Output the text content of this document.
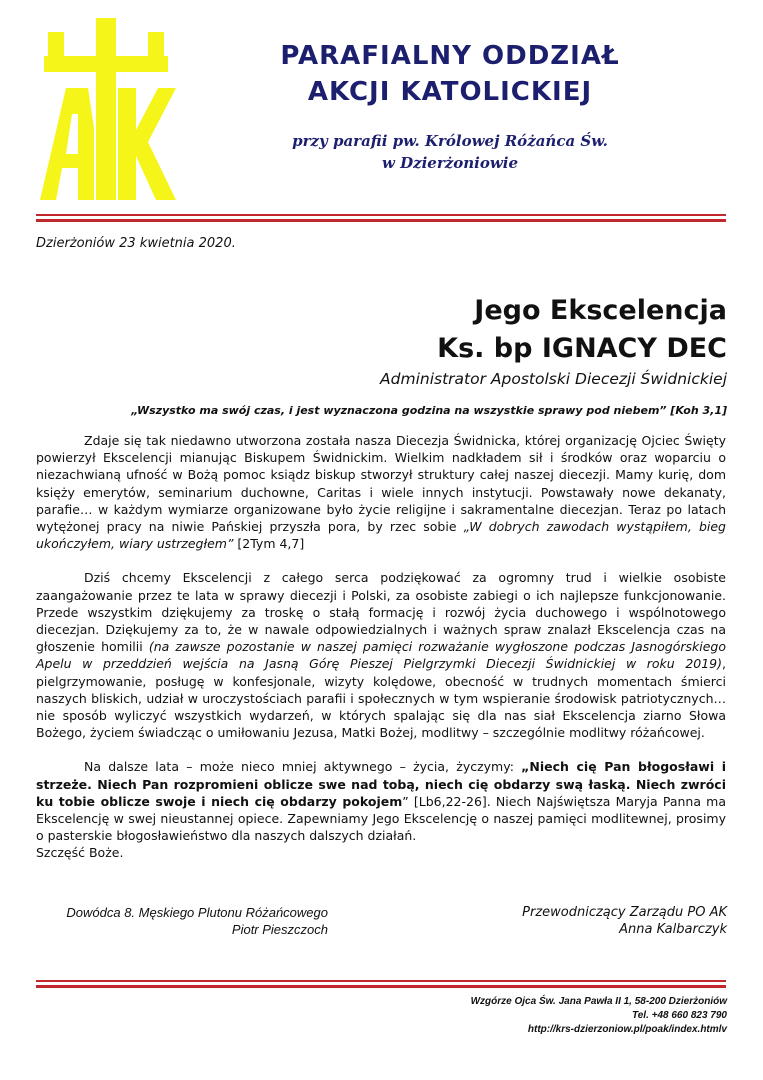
PARAFIALNY ODDZIAŁ
AKCJI KATOLICKIEJ
przy parafii pw. Królowej Różańca Św.
w Dzierżoniowie
Dzierżoniów 23 kwietnia 2020.
Jego Ekscelencja
Ks. bp IGNACY DEC
Administrator Apostolski Diecezji Świdnickiej
„Wszystko ma swój czas, i jest wyznaczona godzina na wszystkie sprawy pod niebem” [Koh 3,1]

Zdaje się tak niedawno utworzona została nasza Diecezja Świdnicka, której organizację Ojciec Święty powierzył Ekscelencji mianując Biskupem Świdnickim. Wielkim nadkładem sił i środków oraz woparciu o niezachwianą ufność w Bożą pomoc ksiądz biskup stworzył struktury całej naszej diecezji. Mamy kurię, dom księży emerytów, seminarium duchowne, Caritas i wiele innych instytucji. Powstawały nowe dekanaty, parafie… w każdym wymiarze organizowane było życie religijne i sakramentalne diecezjan. Teraz po latach wytężonej pracy na niwie Pańskiej przyszła pora, by rzec sobie „W dobrych zawodach wystąpiłem, bieg ukończyłem, wiary ustrzegłem” [2Tym 4,7]

Dziś chcemy Ekscelencji z całego serca podziękować za ogromny trud i wielkie osobiste zaangażowanie przez te lata w sprawy diecezji i Polski, za osobiste zabiegi o ich najlepsze funkcjonowanie. Przede wszystkim dziękujemy za troskę o stałą formację i rozwój życia duchowego i wspólnotowego diecezjan. Dziękujemy za to, że w nawale odpowiedzialnych i ważnych spraw znalazł Ekscelencja czas na głoszenie homilii (na zawsze pozostanie w naszej pamięci rozważanie wygłoszone podczas Jasnogórskiego Apelu w przeddzień wejścia na Jasną Górę Pieszej Pielgrzymki Diecezji Świdnickiej w roku 2019), pielgrzymowanie, posługę w konfesjonale, wizyty kolędowe, obecność w trudnych momentach śmierci naszych bliskich, udział w uroczystościach parafii i społecznych w tym wspieranie środowisk patriotycznych… nie sposób wyliczyć wszystkich wydarzeń, w których spalając się dla nas siał Ekscelencja ziarno Słowa Bożego, życiem świadcząc o umiłowaniu Jezusa, Matki Bożej, modlitwy – szczególnie modlitwy różańcowej.

Na dalsze lata – może nieco mniej aktywnego – życia, życzymy: „Niech cię Pan błogosławi i strzeże. Niech Pan rozpromieni oblicze swe nad tobą, niech cię obdarzy swą łaską. Niech zwróci ku tobie oblicze swoje i niech cię obdarzy pokojem” [Lb6,22-26]. Niech Najświętsza Maryja Panna ma Ekscelencję w swej nieustannej opiece. Zapewniamy Jego Ekscelencję o naszej pamięci modlitewnej, prosimy o pasterskie błogosławieństwo dla naszych dalszych działań.

Szczęść Boże.

Dowódca 8. Męskiego Plutonu Różańcowego
Piotr Pieszczoch
Przewodniczący Zarządu PO AK
Anna Kalbarczyk
Wzgórze Ojca Św. Jana Pawła II 1, 58-200 Dzierżoniów
Tel. +48 660 823 790
http://krs-dzierzoniow.pl/poak/index.htmlv
